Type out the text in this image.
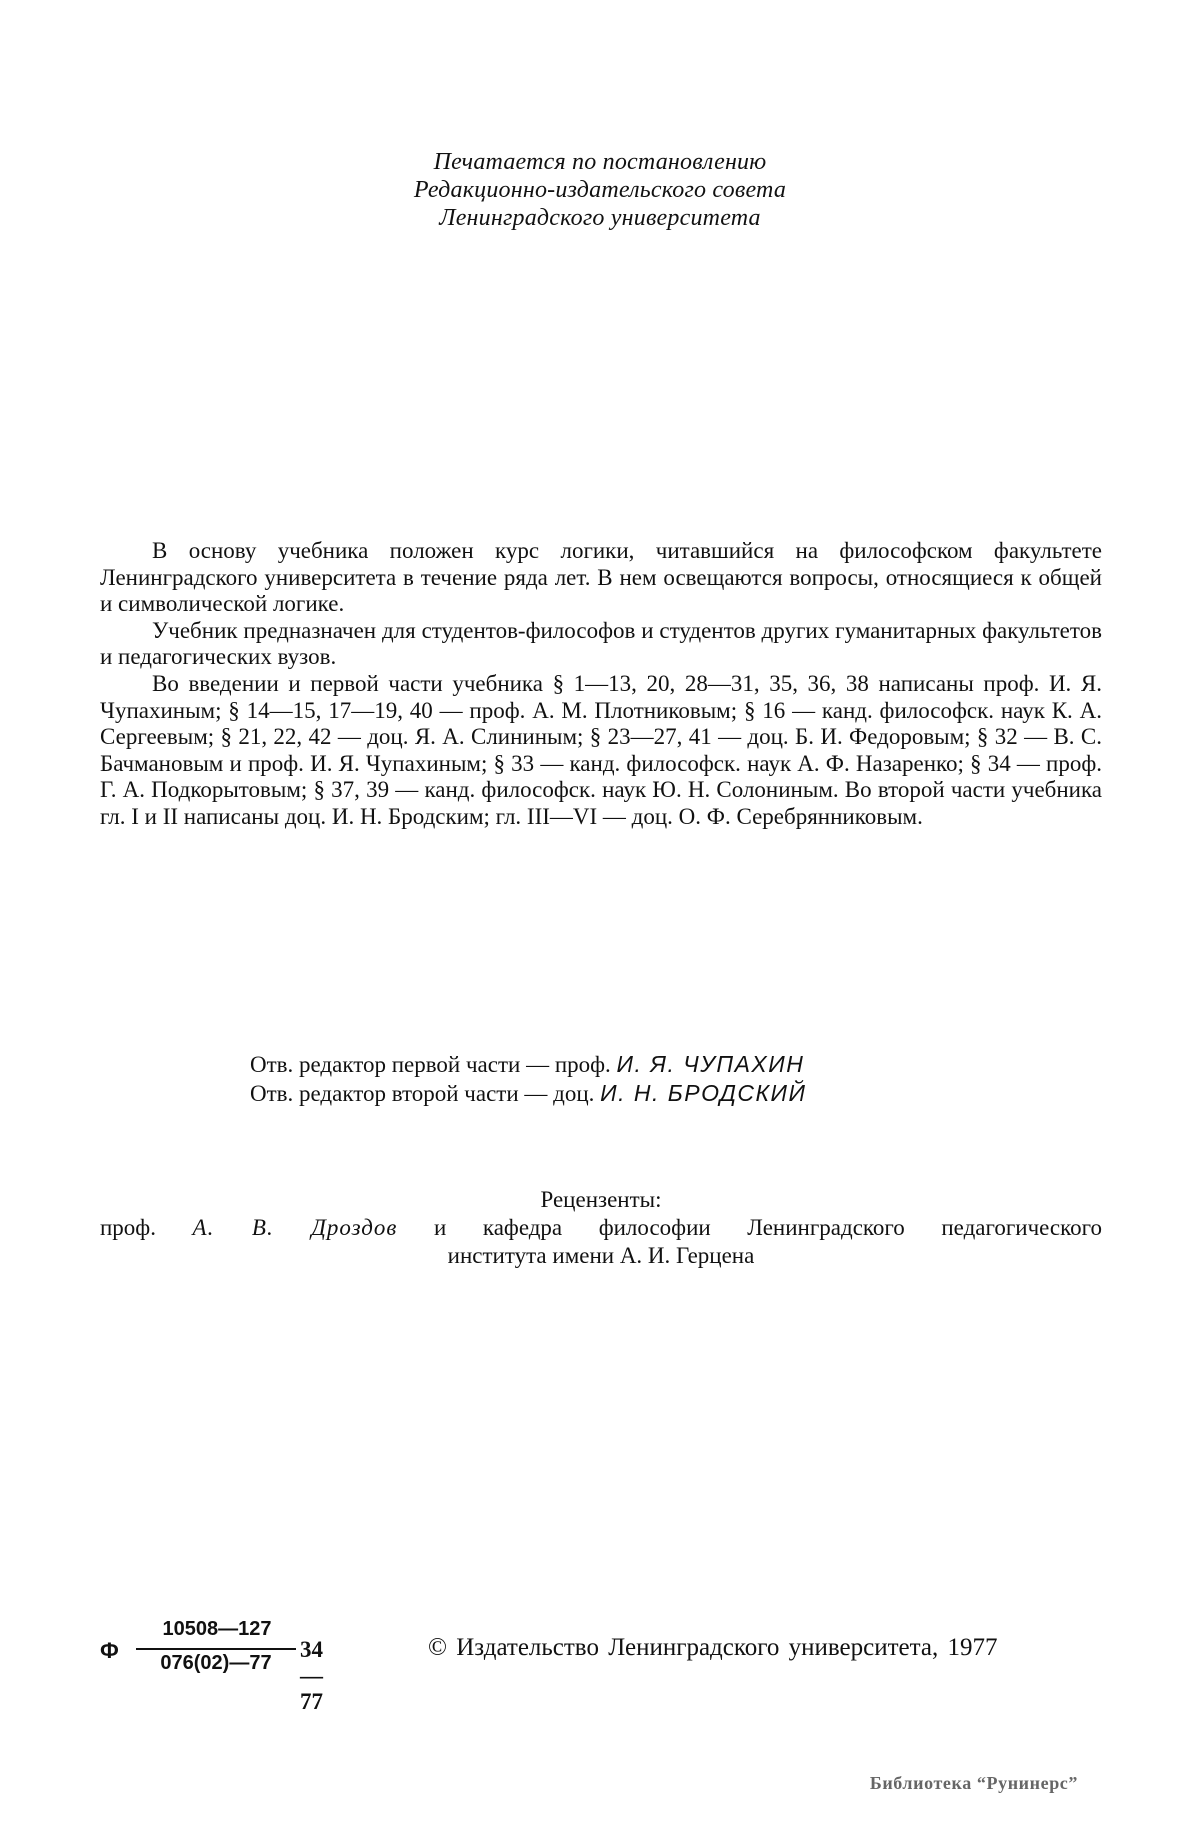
Печатается по постановлению
Редакционно-издательского совета
Ленинградского университета

В основу учебника положен курс логики, читавшийся на философском факультете Ленинградского университета в течение ряда лет. В нем освещаются вопросы, относящиеся к общей и символической логике.

Учебник предназначен для студентов-философов и студентов других гуманитарных факультетов и педагогических вузов.

Во введении и первой части учебника § 1—13, 20, 28—31, 35, 36, 38 написаны проф. И. Я. Чупахиным; § 14—15, 17—19, 40 — проф. А. М. Плотниковым; § 16 — канд. философск. наук К. А. Сергеевым; § 21, 22, 42 — доц. Я. А. Слининым; § 23—27, 41 — доц. Б. И. Федоровым; § 32 — В. С. Бачмановым и проф. И. Я. Чупахиным; § 33 — канд. философск. наук А. Ф. Назаренко; § 34 — проф. Г. А. Подкорытовым; § 37, 39 — канд. философск. наук Ю. Н. Солониным. Во второй части учебника гл. I и II написаны доц. И. Н. Бродским; гл. III—VI — доц. О. Ф. Серебрянниковым.

Отв. редактор первой части — проф. И. Я. ЧУПАХИН
Отв. редактор второй части — доц. И. Н. БРОДСКИЙ
Рецензенты:
проф. А. В. Дроздов и кафедра философии Ленинградского педагогического
института имени А. И. Герцена
Ф
10508—127
076(02)—77
34—77
© Издательство Ленинградского университета, 1977
Библиотека “Рунинерс”
